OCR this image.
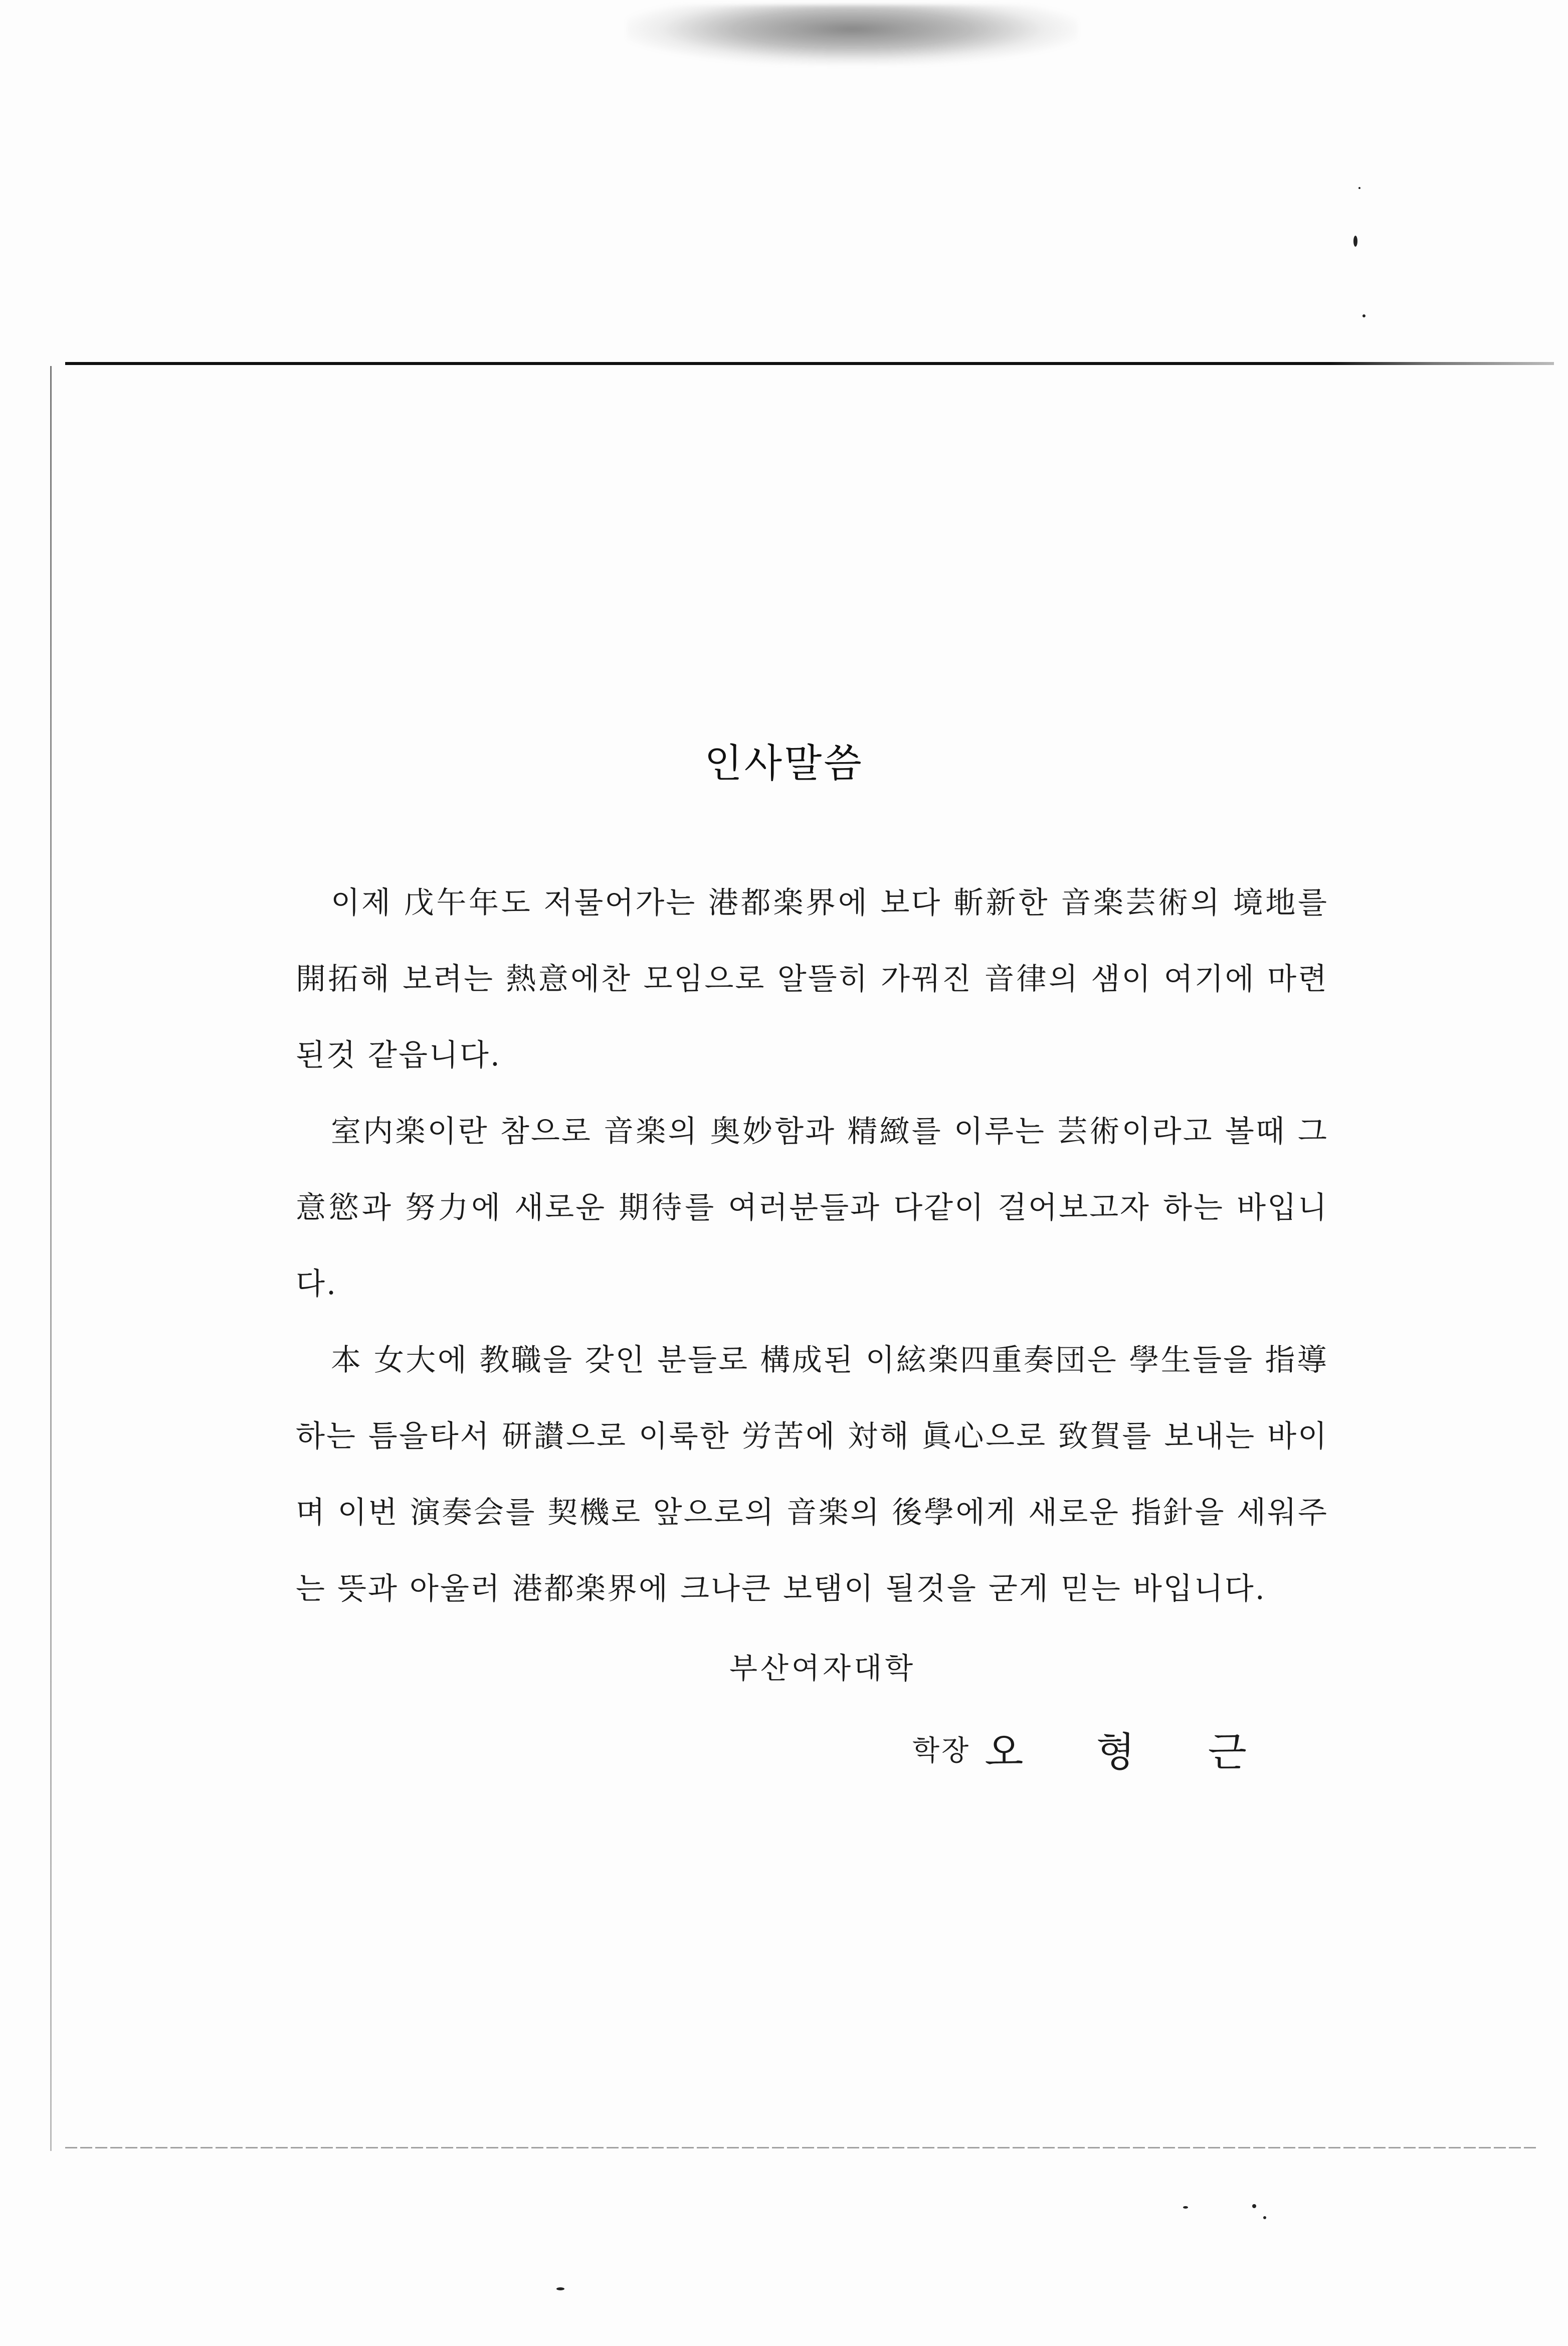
인사말씀

이제 戊午年도 저물어가는 港都楽界에 보다 斬新한 音楽芸術의 境地를 開拓해 보려는 熱意에찬 모임으로 알뜰히 가꿔진 音律의 샘이 여기에 마련된것 같읍니다.

室内楽이란 참으로 音楽의 奥妙함과 精緻를 이루는 芸術이라고 볼때 그意慾과 努力에 새로운 期待를 여러분들과 다같이 걸어보고자 하는 바입니다.

本 女大에 教職을 갖인 분들로 構成된 이絃楽四重奏団은 學生들을 指導하는 틈을타서 研讃으로 이룩한 労苦에 対해 眞心으로 致賀를 보내는 바이며 이번 演奏会를 契機로 앞으로의 音楽의 後學에게 새로운 指針을 세워주는 뜻과 아울러 港都楽界에 크나큰 보탬이 될것을 굳게 믿는 바입니다.

부산여자대학
학장 오 형 근
